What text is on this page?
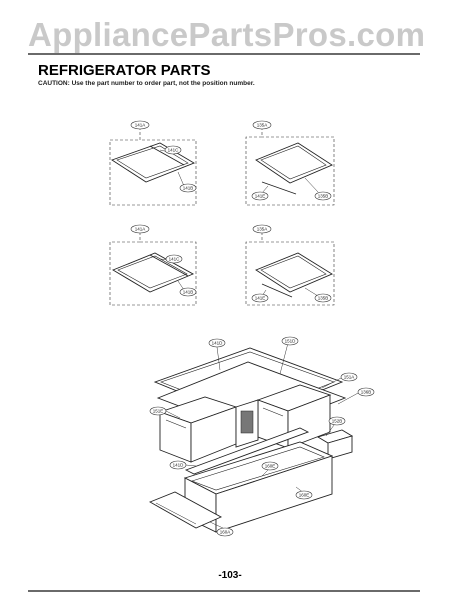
AppliancePartsPros.com
REFRIGERATOR PARTS
CAUTION: Use the part number to order part, not the position number.
141A
141C
141B
135A
141E	135B
141A
141C
141B
135A
141E	135B
141D	151D
151A
136B
151E
152B
141D	160E
160E
160A
-103-
